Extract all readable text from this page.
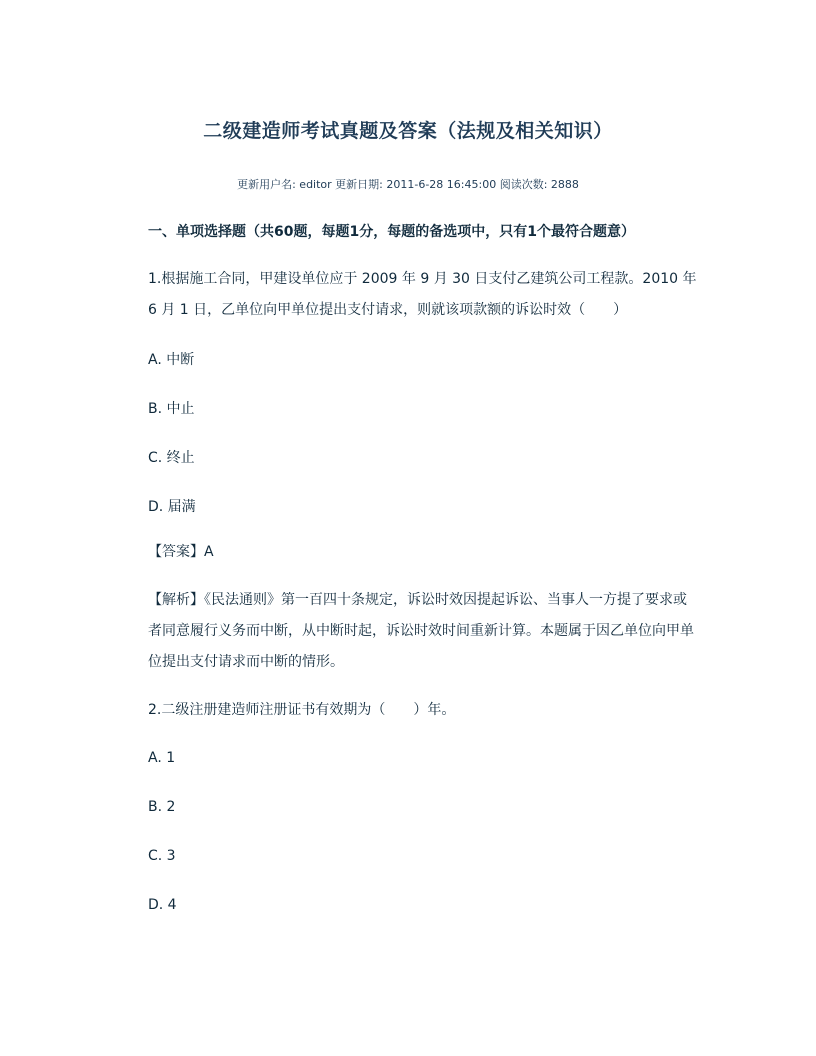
二级建造师考试真题及答案（法规及相关知识）
更新用户名: editor 更新日期: 2011-6-28 16:45:00 阅读次数: 2888
一、单项选择题（共60题，每题1分，每题的备选项中，只有1个最符合题意）
1.根据施工合同，甲建设单位应于 2009 年 9 月 30 日支付乙建筑公司工程款。2010 年 6 月 1 日，乙单位向甲单位提出支付请求，则就该项款额的诉讼时效（　　）
A. 中断
B. 中止
C. 终止
D. 届满
【答案】A
【解析】《民法通则》第一百四十条规定，诉讼时效因提起诉讼、当事人一方提了要求或者同意履行义务而中断，从中断时起，诉讼时效时间重新计算。本题属于因乙单位向甲单位提出支付请求而中断的情形。
2.二级注册建造师注册证书有效期为（　　）年。
A. 1
B. 2
C. 3
D. 4
